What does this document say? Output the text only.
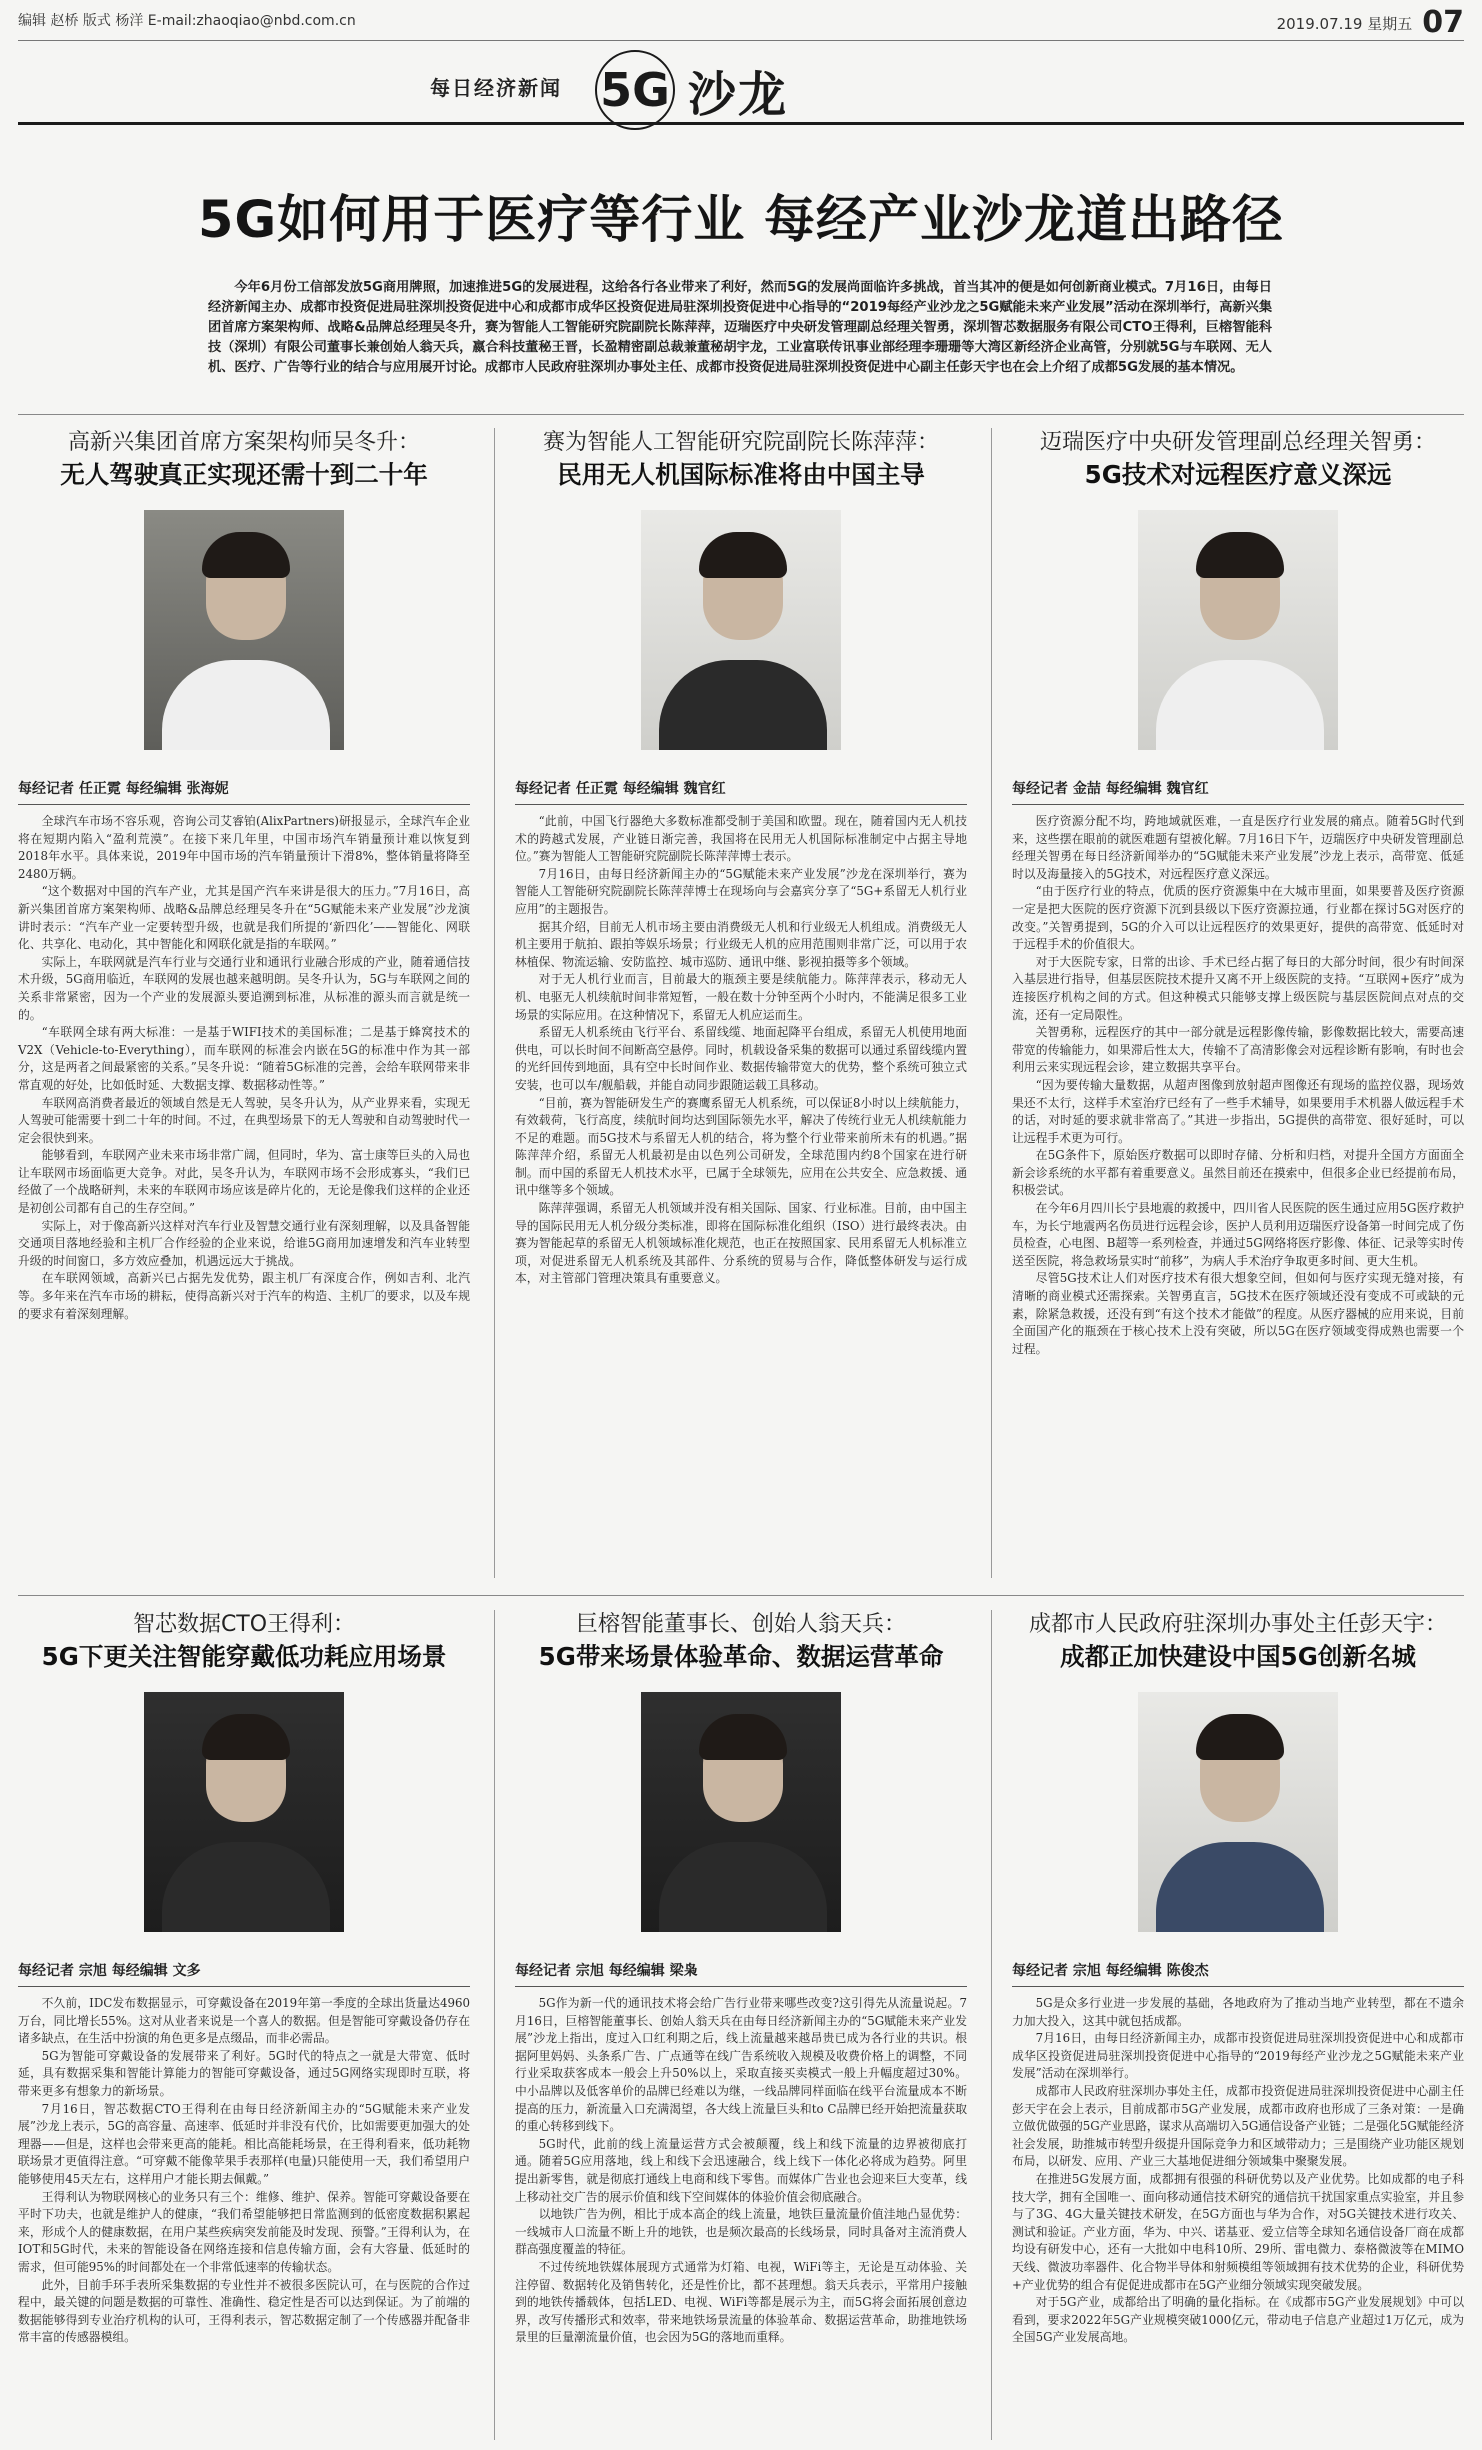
编辑 赵桥 版式 杨洋 E-mail:zhaoqiao@nbd.com.cn	2019.07.19 星期五 07
每日经济新闻 5G 沙龙
5G如何用于医疗等行业 每经产业沙龙道出路径
今年6月份工信部发放5G商用牌照，加速推进5G的发展进程，这给各行各业带来了利好，然而5G的发展尚面临许多挑战，首当其冲的便是如何创新商业模式。7月16日，由每日经济新闻主办、成都市投资促进局驻深圳投资促进中心和成都市成华区投资促进局驻深圳投资促进中心指导的“2019每经产业沙龙之5G赋能未来产业发展”活动在深圳举行，高新兴集团首席方案架构师、战略&品牌总经理吴冬升，赛为智能人工智能研究院副院长陈萍萍，迈瑞医疗中央研发管理副总经理关智勇，深圳智芯数据服务有限公司CTO王得利，巨榕智能科技（深圳）有限公司董事长兼创始人翁天兵，嬴合科技董秘王晋，长盈精密副总裁兼董秘胡宇龙，工业富联传讯事业部经理李珊珊等大湾区新经济企业高管，分别就5G与车联网、无人机、医疗、广告等行业的结合与应用展开讨论。成都市人民政府驻深圳办事处主任、成都市投资促进局驻深圳投资促进中心副主任彭天宇也在会上介绍了成都5G发展的基本情况。
高新兴集团首席方案架构师吴冬升：
无人驾驶真正实现还需十到二十年
每经记者 任正霓 每经编辑 张海妮

全球汽车市场不容乐观，咨询公司艾睿铂(AlixPartners)研报显示，全球汽车企业将在短期内陷入“盈利荒漠”。在接下来几年里，中国市场汽车销量预计难以恢复到2018年水平。具体来说，2019年中国市场的汽车销量预计下滑8%，整体销量将降至2480万辆。

“这个数据对中国的汽车产业，尤其是国产汽车来讲是很大的压力。”7月16日，高新兴集团首席方案架构师、战略&品牌总经理吴冬升在“5G赋能未来产业发展”沙龙演讲时表示：“汽车产业一定要转型升级，也就是我们所提的‘新四化’——智能化、网联化、共享化、电动化，其中智能化和网联化就是指的车联网。”

实际上，车联网就是汽车行业与交通行业和通讯行业融合形成的产业，随着通信技术升级，5G商用临近，车联网的发展也越来越明朗。吴冬升认为，5G与车联网之间的关系非常紧密，因为一个产业的发展源头要追溯到标准，从标准的源头而言就是统一的。

“车联网全球有两大标准：一是基于WIFI技术的美国标准；二是基于蜂窝技术的V2X（Vehicle-to-Everything），而车联网的标准会内嵌在5G的标准中作为其一部分，这是两者之间最紧密的关系。”吴冬升说：“随着5G标准的完善，会给车联网带来非常直观的好处，比如低时延、大数据支撑、数据移动性等。”

车联网高消费者最近的领域自然是无人驾驶，吴冬升认为，从产业界来看，实现无人驾驶可能需要十到二十年的时间。不过，在典型场景下的无人驾驶和自动驾驶时代一定会很快到来。

能够看到，车联网产业未来市场非常广阔，但同时，华为、富士康等巨头的入局也让车联网市场面临更大竞争。对此，吴冬升认为，车联网市场不会形成寡头，“我们已经做了一个战略研判，未来的车联网市场应该是碎片化的，无论是像我们这样的企业还是初创公司都有自己的生存空间。”

实际上，对于像高新兴这样对汽车行业及智慧交通行业有深刻理解，以及具备智能交通项目落地经验和主机厂合作经验的企业来说，给谁5G商用加速增发和汽车业转型升级的时间窗口，多方效应叠加，机遇远远大于挑战。

在车联网领域，高新兴已占据先发优势，跟主机厂有深度合作，例如吉利、北汽等。多年来在汽车市场的耕耘，使得高新兴对于汽车的构造、主机厂的要求，以及车规的要求有着深刻理解。

赛为智能人工智能研究院副院长陈萍萍：
民用无人机国际标准将由中国主导
每经记者 任正霓 每经编辑 魏官红

“此前，中国飞行器绝大多数标准都受制于美国和欧盟。现在，随着国内无人机技术的跨越式发展，产业链日渐完善，我国将在民用无人机国际标准制定中占据主导地位。”赛为智能人工智能研究院副院长陈萍萍博士表示。

7月16日，由每日经济新闻主办的“5G赋能未来产业发展”沙龙在深圳举行，赛为智能人工智能研究院副院长陈萍萍博士在现场向与会嘉宾分享了“5G+系留无人机行业应用”的主题报告。

据其介绍，目前无人机市场主要由消费级无人机和行业级无人机组成。消费级无人机主要用于航拍、跟拍等娱乐场景；行业级无人机的应用范围则非常广泛，可以用于农林植保、物流运输、安防监控、城市巡防、通讯中继、影视拍摄等多个领域。

对于无人机行业而言，目前最大的瓶颈主要是续航能力。陈萍萍表示，移动无人机、电驱无人机续航时间非常短暂，一般在数十分钟至两个小时内，不能满足很多工业场景的实际应用。在这种情况下，系留无人机应运而生。

系留无人机系统由飞行平台、系留线缆、地面起降平台组成，系留无人机使用地面供电，可以长时间不间断高空悬停。同时，机载设备采集的数据可以通过系留线缆内置的光纤回传到地面，具有空中长时间作业、数据传输带宽大的优势，整个系统可独立式安装，也可以车/舰船载，并能自动同步跟随运载工具移动。

“目前，赛为智能研发生产的赛鹰系留无人机系统，可以保证8小时以上续航能力，有效载荷，飞行高度，续航时间均达到国际领先水平，解决了传统行业无人机续航能力不足的难题。而5G技术与系留无人机的结合，将为整个行业带来前所未有的机遇。”据陈萍萍介绍，系留无人机最初是由以色列公司研发，全球范围内约8个国家在进行研制。而中国的系留无人机技术水平，已属于全球领先，应用在公共安全、应急救援、通讯中继等多个领域。

陈萍萍强调，系留无人机领域并没有相关国际、国家、行业标准。目前，由中国主导的国际民用无人机分级分类标准，即将在国际标准化组织（ISO）进行最终表决。由赛为智能起草的系留无人机领域标准化规范，也正在按照国家、民用系留无人机标准立项，对促进系留无人机系统及其部件、分系统的贸易与合作，降低整体研发与运行成本，对主管部门管理决策具有重要意义。

迈瑞医疗中央研发管理副总经理关智勇：
5G技术对远程医疗意义深远
每经记者 金喆 每经编辑 魏官红

医疗资源分配不均，跨地域就医难，一直是医疗行业发展的痛点。随着5G时代到来，这些摆在眼前的就医难题有望被化解。7月16日下午，迈瑞医疗中央研发管理副总经理关智勇在每日经济新闻举办的“5G赋能未来产业发展”沙龙上表示，高带宽、低延时以及海量接入的5G技术，对远程医疗意义深远。

“由于医疗行业的特点，优质的医疗资源集中在大城市里面，如果要普及医疗资源一定是把大医院的医疗资源下沉到县级以下医疗资源拉通，行业都在探讨5G对医疗的改变。”关智勇提到，5G的介入可以让远程医疗的效果更好，提供的高带宽、低延时对于远程手术的价值很大。

对于大医院专家，日常的出诊、手术已经占据了每日的大部分时间，很少有时间深入基层进行指导，但基层医院技术提升又离不开上级医院的支持。“互联网+医疗”成为连接医疗机构之间的方式。但这种模式只能够支撑上级医院与基层医院间点对点的交流，还有一定局限性。

关智勇称，远程医疗的其中一部分就是远程影像传输，影像数据比较大，需要高速带宽的传输能力，如果滞后性太大，传输不了高清影像会对远程诊断有影响，有时也会利用云来实现远程会诊，建立数据共享平台。

“因为要传输大量数据，从超声图像到放射超声图像还有现场的监控仪器，现场效果还不太行，这样手术室治疗已经有了一些手术辅导，如果要用手术机器人做远程手术的话，对时延的要求就非常高了。”其进一步指出，5G提供的高带宽、很好延时，可以让远程手术更为可行。

在5G条件下，原始医疗数据可以即时存储、分析和归档，对提升全国方方面面全新会诊系统的水平都有着重要意义。虽然目前还在摸索中，但很多企业已经提前布局，积极尝试。

在今年6月四川长宁县地震的救援中，四川省人民医院的医生通过应用5G医疗救护车，为长宁地震两名伤员进行远程会诊，医护人员利用迈瑞医疗设备第一时间完成了伤员检查，心电图、B超等一系列检查，并通过5G网络将医疗影像、体征、记录等实时传送至医院，将急救场景实时“前移”，为病人手术治疗争取更多时间、更大生机。

尽管5G技术让人们对医疗技术有很大想象空间，但如何与医疗实现无缝对接，有清晰的商业模式还需探索。关智勇直言，5G技术在医疗领域还没有变成不可或缺的元素，除紧急救援，还没有到“有这个技术才能做”的程度。从医疗器械的应用来说，目前全面国产化的瓶颈在于核心技术上没有突破，所以5G在医疗领域变得成熟也需要一个过程。

智芯数据CTO王得利：
5G下更关注智能穿戴低功耗应用场景
每经记者 宗旭 每经编辑 文多

不久前，IDC发布数据显示，可穿戴设备在2019年第一季度的全球出货量达4960万台，同比增长55%。这对从业者来说是一个喜人的数据。但是智能可穿戴设备仍存在诸多缺点，在生活中扮演的角色更多是点缀品，而非必需品。

5G为智能可穿戴设备的发展带来了利好。5G时代的特点之一就是大带宽、低时延，具有数据采集和智能计算能力的智能可穿戴设备，通过5G网络实现即时互联，将带来更多有想象力的新场景。

7月16日，智芯数据CTO王得利在由每日经济新闻主办的“5G赋能未来产业发展”沙龙上表示，5G的高容量、高速率、低延时并非没有代价，比如需要更加强大的处理器——但是，这样也会带来更高的能耗。相比高能耗场景，在王得利看来，低功耗物联场景才更值得注意。“可穿戴不能像苹果手表那样(电量)只能使用一天，我们希望用户能够使用45天左右，这样用户才能长期去佩戴。”

王得利认为物联网核心的业务只有三个：维修、维护、保养。智能可穿戴设备要在平时下功夫，也就是维护人的健康，“我们希望能够把日常监测到的低密度数据积累起来，形成个人的健康数据，在用户某些疾病突发前能及时发现、预警。”王得利认为，在IOT和5G时代，未来的智能设备在网络连接和信息传输方面，会有大容量、低延时的需求，但可能95%的时间都处在一个非常低速率的传输状态。

此外，目前手环手表所采集数据的专业性并不被很多医院认可，在与医院的合作过程中，最关键的问题是数据的可靠性、准确性、稳定性是否可以达到保证。为了前端的数据能够得到专业治疗机构的认可，王得利表示，智芯数据定制了一个传感器并配备非常丰富的传感器模组。

巨榕智能董事长、创始人翁天兵：
5G带来场景体验革命、数据运营革命
每经记者 宗旭 每经编辑 梁枭

5G作为新一代的通讯技术将会给广告行业带来哪些改变?这引得先从流量说起。7月16日，巨榕智能董事长、创始人翁天兵在由每日经济新闻主办的“5G赋能未来产业发展”沙龙上指出，度过入口红利期之后，线上流量越来越昂贵已成为各行业的共识。根据阿里妈妈、头条系广告、广点通等在线广告系统收入规模及收费价格上的调整，不同行业采取获客成本一般会上升50%以上，采取直接买卖模式一般上升幅度超过30%。中小品牌以及低客单价的品牌已经难以为继，一线品牌同样面临在线平台流量成本不断提高的压力，新流量入口充满渴望，各大线上流量巨头和to C品牌已经开始把流量获取的重心转移到线下。

5G时代，此前的线上流量运营方式会被颠覆，线上和线下流量的边界被彻底打通。随着5G应用落地，线上和线下会迅速融合，线上线下一体化必将成为趋势。阿里提出新零售，就是彻底打通线上电商和线下零售。而媒体广告业也会迎来巨大变革，线上移动社交广告的展示价值和线下空间媒体的体验价值会彻底融合。

以地铁广告为例，相比于成本高企的线上流量，地铁巨量流量价值洼地凸显优势：一线城市人口流量不断上升的地铁，也是频次最高的长线场景，同时具备对主流消费人群高强度覆盖的特征。

不过传统地铁媒体展现方式通常为灯箱、电视，WiFi等主，无论是互动体验、关注停留、数据转化及销售转化，还是性价比，都不甚理想。翁天兵表示，平常用户接触到的地铁传播载体，包括LED、电视、WiFi等都是展示为主，而5G将会面拓展创意边界，改写传播形式和效率，带来地铁场景流量的体验革命、数据运营革命，助推地铁场景里的巨量潮流量价值，也会因为5G的落地而重释。

成都市人民政府驻深圳办事处主任彭天宇：
成都正加快建设中国5G创新名城
每经记者 宗旭 每经编辑 陈俊杰

5G是众多行业进一步发展的基础，各地政府为了推动当地产业转型，都在不遗余力加大投入，这其中就包括成都。

7月16日，由每日经济新闻主办，成都市投资促进局驻深圳投资促进中心和成都市成华区投资促进局驻深圳投资促进中心指导的“2019每经产业沙龙之5G赋能未来产业发展”活动在深圳举行。

成都市人民政府驻深圳办事处主任，成都市投资促进局驻深圳投资促进中心副主任彭天宇在会上表示，目前成都市5G产业发展，成都市政府也形成了三条对策：一是确立做优做强的5G产业思路，谋求从高端切入5G通信设备产业链；二是强化5G赋能经济社会发展，助推城市转型升级提升国际竞争力和区域带动力；三是围绕产业功能区规划布局，以研发、应用、产业三大基地促进细分领域集中聚聚发展。

在推进5G发展方面，成都拥有很强的科研优势以及产业优势。比如成都的电子科技大学，拥有全国唯一、面向移动通信技术研究的通信抗干扰国家重点实验室，并且参与了3G、4G大量关键技术研发，在5G方面也与华为合作，对5G关键技术进行攻关、测试和验证。产业方面，华为、中兴、诺基亚、爱立信等全球知名通信设备厂商在成都均设有研发中心，还有一大批如中电科10所、29所、雷电微力、泰格微波等在MIMO天线、微波功率器件、化合物半导体和射频模组等领域拥有技术优势的企业，科研优势+产业优势的组合有促促进成都市在5G产业细分领域实现突破发展。

对于5G产业，成都给出了明确的量化指标。在《成都市5G产业发展规划》中可以看到，要求2022年5G产业规模突破1000亿元，带动电子信息产业超过1万亿元，成为全国5G产业发展高地。
